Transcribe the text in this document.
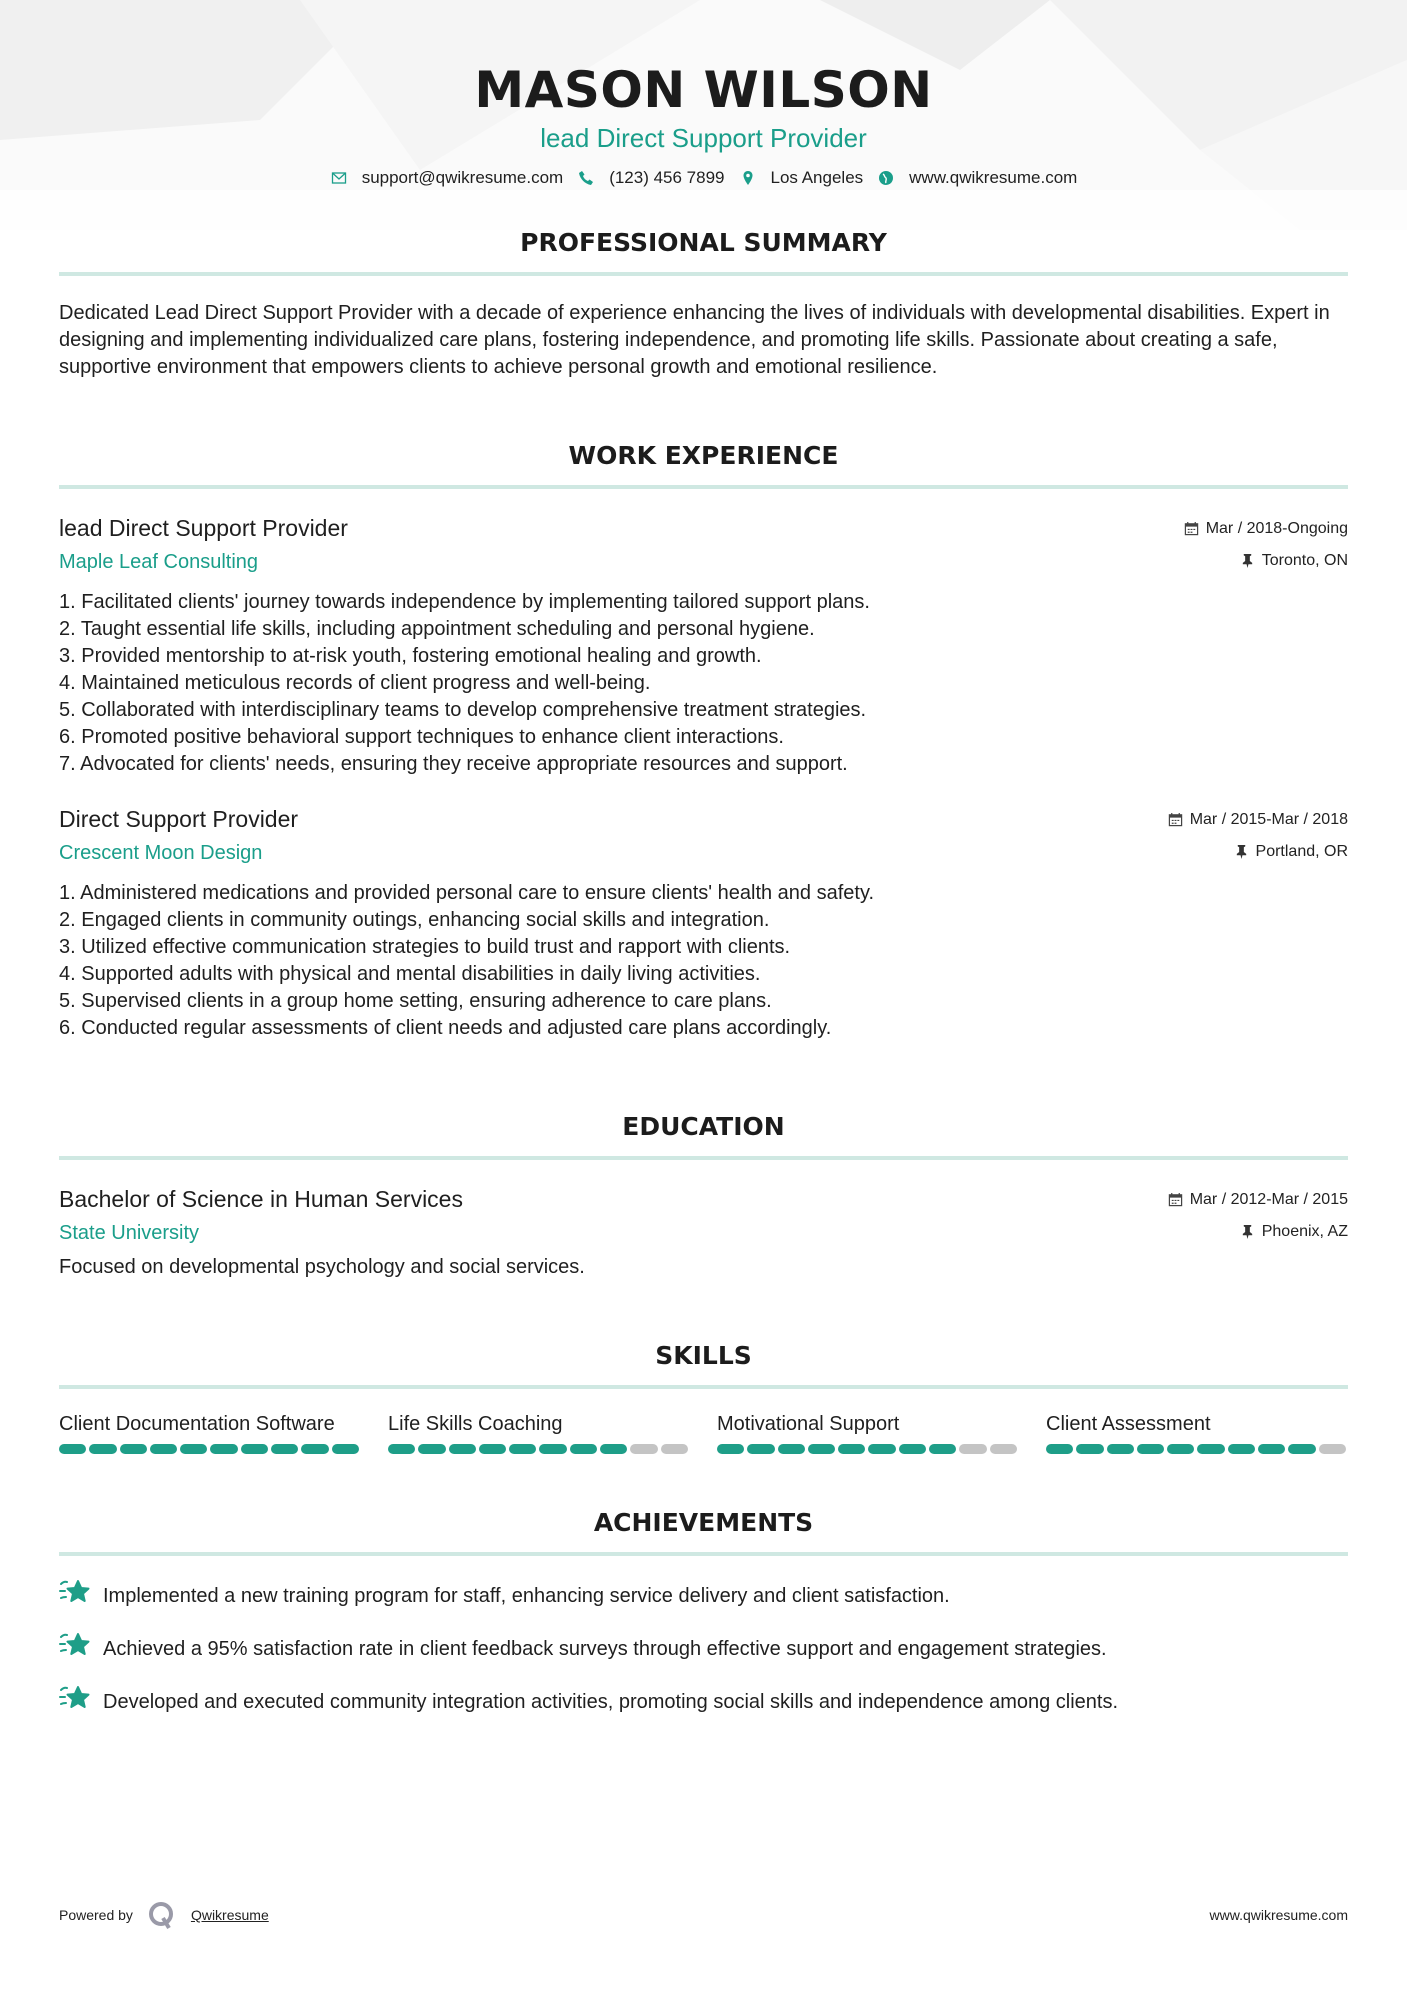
MASON WILSON
lead Direct Support Provider
support@qwikresume.com	(123) 456 7899	Los Angeles	www.qwikresume.com
PROFESSIONAL SUMMARY

Dedicated Lead Direct Support Provider with a decade of experience enhancing the lives of individuals with developmental disabilities. Expert in designing and implementing individualized care plans, fostering independence, and promoting life skills. Passionate about creating a safe, supportive environment that empowers clients to achieve personal growth and emotional resilience.

WORK EXPERIENCE
lead Direct Support Provider	Mar / 2018-Ongoing
Maple Leaf Consulting	Toronto, ON
1. Facilitated clients' journey towards independence by implementing tailored support plans.
2. Taught essential life skills, including appointment scheduling and personal hygiene.
3. Provided mentorship to at-risk youth, fostering emotional healing and growth.
4. Maintained meticulous records of client progress and well-being.
5. Collaborated with interdisciplinary teams to develop comprehensive treatment strategies.
6. Promoted positive behavioral support techniques to enhance client interactions.
7. Advocated for clients' needs, ensuring they receive appropriate resources and support.
Direct Support Provider	Mar / 2015-Mar / 2018
Crescent Moon Design	Portland, OR
1. Administered medications and provided personal care to ensure clients' health and safety.
2. Engaged clients in community outings, enhancing social skills and integration.
3. Utilized effective communication strategies to build trust and rapport with clients.
4. Supported adults with physical and mental disabilities in daily living activities.
5. Supervised clients in a group home setting, ensuring adherence to care plans.
6. Conducted regular assessments of client needs and adjusted care plans accordingly.
EDUCATION
Bachelor of Science in Human Services	Mar / 2012-Mar / 2015
State University	Phoenix, AZ

Focused on developmental psychology and social services.

SKILLS
Client Documentation Software	Life Skills Coaching	Motivational Support	Client Assessment
ACHIEVEMENTS
Implemented a new training program for staff, enhancing service delivery and client satisfaction.
Achieved a 95% satisfaction rate in client feedback surveys through effective support and engagement strategies.
Developed and executed community integration activities, promoting social skills and independence among clients.
Powered by	Qwikresume	www.qwikresume.com
